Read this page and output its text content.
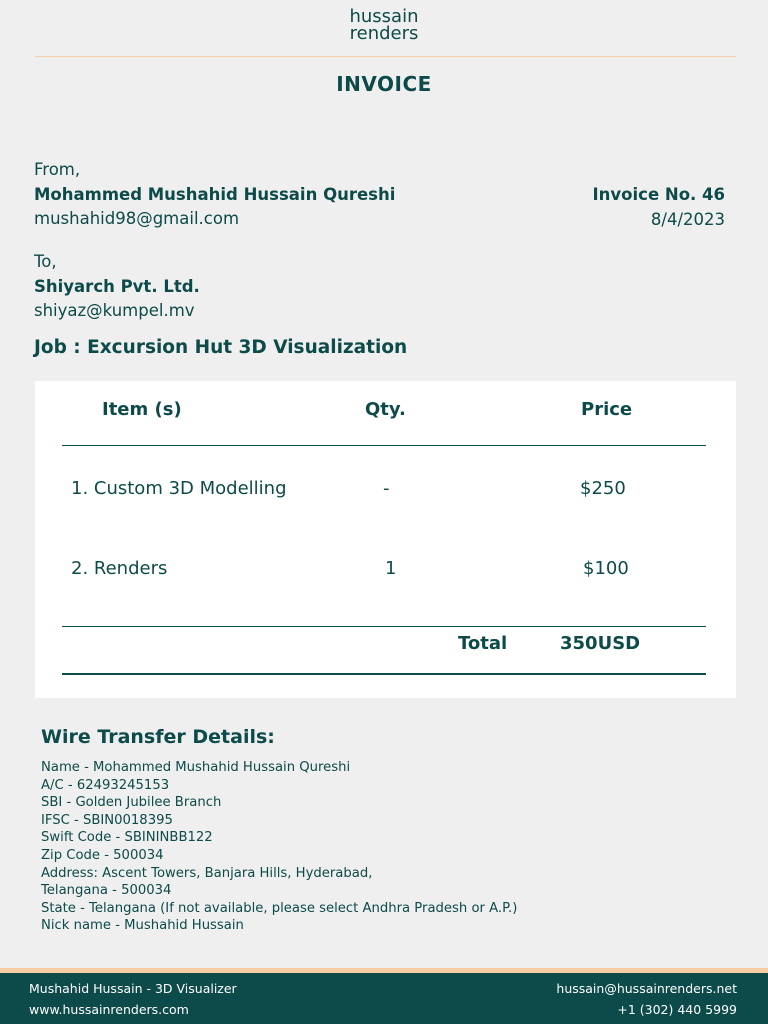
hussain
renders
INVOICE
From,
Mohammed Mushahid Hussain Qureshi
mushahid98@gmail.com
Invoice No. 46
8/4/2023
To,
Shiyarch Pvt. Ltd.
shiyaz@kumpel.mv
Job : Excursion Hut 3D Visualization
Item (s)	Qty.	Price
1. Custom 3D Modelling	-	$250
2. Renders	1	$100
Total	350USD
Wire Transfer Details:
Name - Mohammed Mushahid Hussain Qureshi
A/C - 62493245153
SBI - Golden Jubilee Branch
IFSC - SBIN0018395
Swift Code - SBININBB122
Zip Code - 500034
Address: Ascent Towers, Banjara Hills, Hyderabad,
Telangana - 500034
State - Telangana (If not available, please select Andhra Pradesh or A.P.)
Nick name - Mushahid Hussain
Mushahid Hussain - 3D Visualizer
www.hussainrenders.com
hussain@hussainrenders.net
+1 (302) 440 5999
